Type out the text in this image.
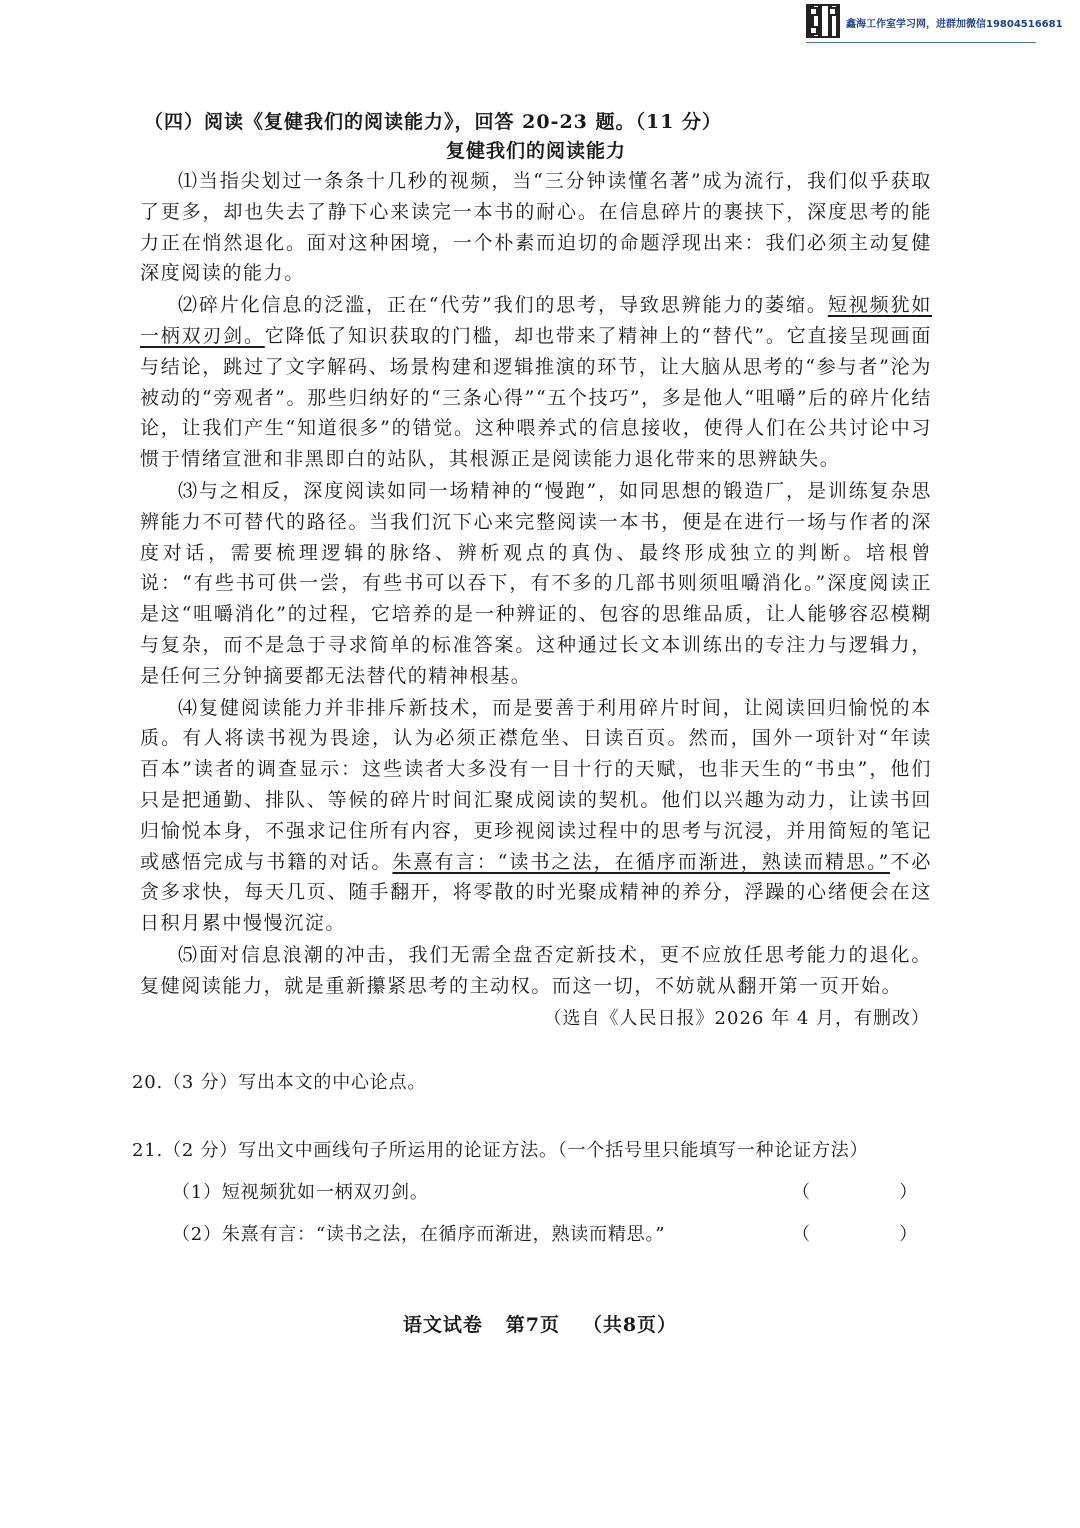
鑫海工作室学习网，进群加微信19804516681

（四）阅读《复健我们的阅读能力》，回答 20-23 题。（11 分）

复健我们的阅读能力

⑴当指尖划过一条条十几秒的视频，当“三分钟读懂名著”成为流行，我们似乎获取了更多，却也失去了静下心来读完一本书的耐心。在信息碎片的裹挟下，深度思考的能力正在悄然退化。面对这种困境，一个朴素而迫切的命题浮现出来：我们必须主动复健深度阅读的能力。

⑵碎片化信息的泛滥，正在“代劳”我们的思考，导致思辨能力的萎缩。短视频犹如一柄双刃剑。它降低了知识获取的门槛，却也带来了精神上的“替代”。它直接呈现画面与结论，跳过了文字解码、场景构建和逻辑推演的环节，让大脑从思考的“参与者”沦为被动的“旁观者”。那些归纳好的“三条心得”“五个技巧”，多是他人“咀嚼”后的碎片化结论，让我们产生“知道很多”的错觉。这种喂养式的信息接收，使得人们在公共讨论中习惯于情绪宣泄和非黑即白的站队，其根源正是阅读能力退化带来的思辨缺失。

⑶与之相反，深度阅读如同一场精神的“慢跑”，如同思想的锻造厂，是训练复杂思辨能力不可替代的路径。当我们沉下心来完整阅读一本书，便是在进行一场与作者的深度对话，需要梳理逻辑的脉络、辨析观点的真伪、最终形成独立的判断。培根曾说：“有些书可供一尝，有些书可以吞下，有不多的几部书则须咀嚼消化。”深度阅读正是这“咀嚼消化”的过程，它培养的是一种辨证的、包容的思维品质，让人能够容忍模糊与复杂，而不是急于寻求简单的标准答案。这种通过长文本训练出的专注力与逻辑力，是任何三分钟摘要都无法替代的精神根基。

⑷复健阅读能力并非排斥新技术，而是要善于利用碎片时间，让阅读回归愉悦的本质。有人将读书视为畏途，认为必须正襟危坐、日读百页。然而，国外一项针对“年读百本”读者的调查显示：这些读者大多没有一目十行的天赋，也非天生的“书虫”，他们只是把通勤、排队、等候的碎片时间汇聚成阅读的契机。他们以兴趣为动力，让读书回归愉悦本身，不强求记住所有内容，更珍视阅读过程中的思考与沉浸，并用简短的笔记或感悟完成与书籍的对话。朱熹有言：“读书之法，在循序而渐进，熟读而精思。”不必贪多求快，每天几页、随手翻开，将零散的时光聚成精神的养分，浮躁的心绪便会在这日积月累中慢慢沉淀。

⑸面对信息浪潮的冲击，我们无需全盘否定新技术，更不应放任思考能力的退化。复健阅读能力，就是重新攥紧思考的主动权。而这一切，不妨就从翻开第一页开始。

（选自《人民日报》2026 年 4 月，有删改）

20.（3 分）写出本文的中心论点。

21.（2 分）写出文中画线句子所运用的论证方法。（一个括号里只能填写一种论证方法）

（1）短视频犹如一柄双刃剑。	（	）
（2）朱熹有言：“读书之法，在循序而渐进，熟读而精思。”	（	）
语文试卷   第7页   （共8页）
